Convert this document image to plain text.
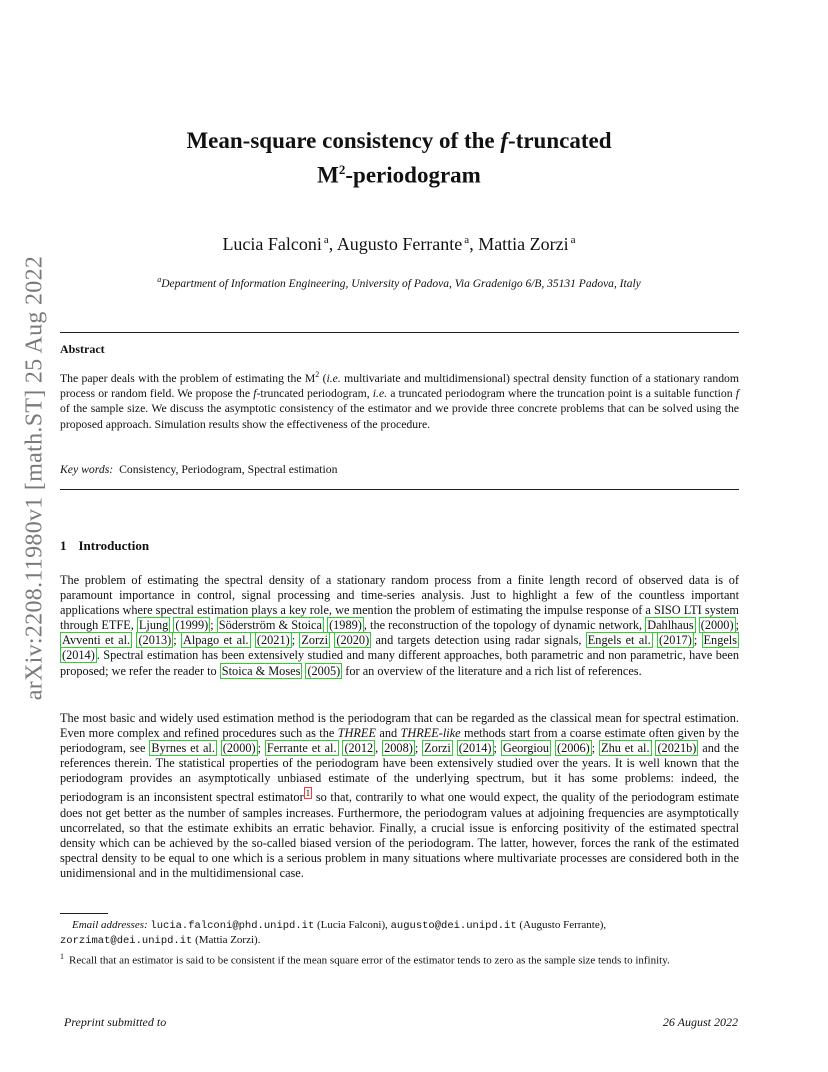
arXiv:2208.11980v1 [math.ST] 25 Aug 2022
Mean-square consistency of the f-truncated
$M^2$-periodogram
Lucia Falconi $^a$, Augusto Ferrante $^a$, Mattia Zorzi $^a$
$^a$Department of Information Engineering, University of Padova, Via Gradenigo 6/B, 35131 Padova, Italy
Abstract
The paper deals with the problem of estimating the $M^2$ (i.e. multivariate and multidimensional) spectral density function of a stationary random process or random field. We propose the f-truncated periodogram, i.e. a truncated periodogram where the truncation point is a suitable function f of the sample size. We discuss the asymptotic consistency of the estimator and we provide three concrete problems that can be solved using the proposed approach. Simulation results show the effectiveness of the procedure.
Key words: Consistency, Periodogram, Spectral estimation
1 Introduction
The problem of estimating the spectral density of a stationary random process from a finite length record of observed data is of paramount importance in control, signal processing and time-series analysis. Just to highlight a few of the countless important applications where spectral estimation plays a key role, we mention the problem of estimating the impulse response of a SISO LTI system through ETFE, Ljung (1999) ; Söderström & Stoica (1989) , the reconstruction of the topology of dynamic network, Dahlhaus (2000) ; Avventi et al. (2013) ; Alpago et al. (2021) ; Zorzi (2020) and targets detection using radar signals, Engels et al. (2017) ; Engels (2014) . Spectral estimation has been extensively studied and many different approaches, both parametric and non parametric, have been proposed; we refer the reader to Stoica & Moses (2005) for an overview of the literature and a rich list of references.
The most basic and widely used estimation method is the periodogram that can be regarded as the classical mean for spectral estimation. Even more complex and refined procedures such as the THREE and THREE-like methods start from a coarse estimate often given by the periodogram, see Byrnes et al. (2000) ; Ferrante et al. (2012 , 2008) ; Zorzi (2014) ; Georgiou (2006) ; Zhu et al. (2021b) and the references therein. The statistical properties of the periodogram have been extensively studied over the years. It is well known that the periodogram provides an asymptotically unbiased estimate of the underlying spectrum, but it has some problems: indeed, the periodogram is an inconsistent spectral estimator $^1$ so that, contrarily to what one would expect, the quality of the periodogram estimate does not get better as the number of samples increases. Furthermore, the periodogram values at adjoining frequencies are asymptotically uncorrelated, so that the estimate exhibits an erratic behavior. Finally, a crucial issue is enforcing positivity of the estimated spectral density which can be achieved by the so-called biased version of the periodogram. The latter, however, forces the rank of the estimated spectral density to be equal to one which is a serious problem in many situations where multivariate processes are considered both in the unidimensional and in the multidimensional case.
Email addresses: lucia.falconi@phd.unipd.it (Lucia Falconi), augusto@dei.unipd.it (Augusto Ferrante),
zorzimat@dei.unipd.it (Mattia Zorzi).
$^1$ Recall that an estimator is said to be consistent if the mean square error of the estimator tends to zero as the sample size tends to infinity.
Preprint submitted to	26 August 2022
